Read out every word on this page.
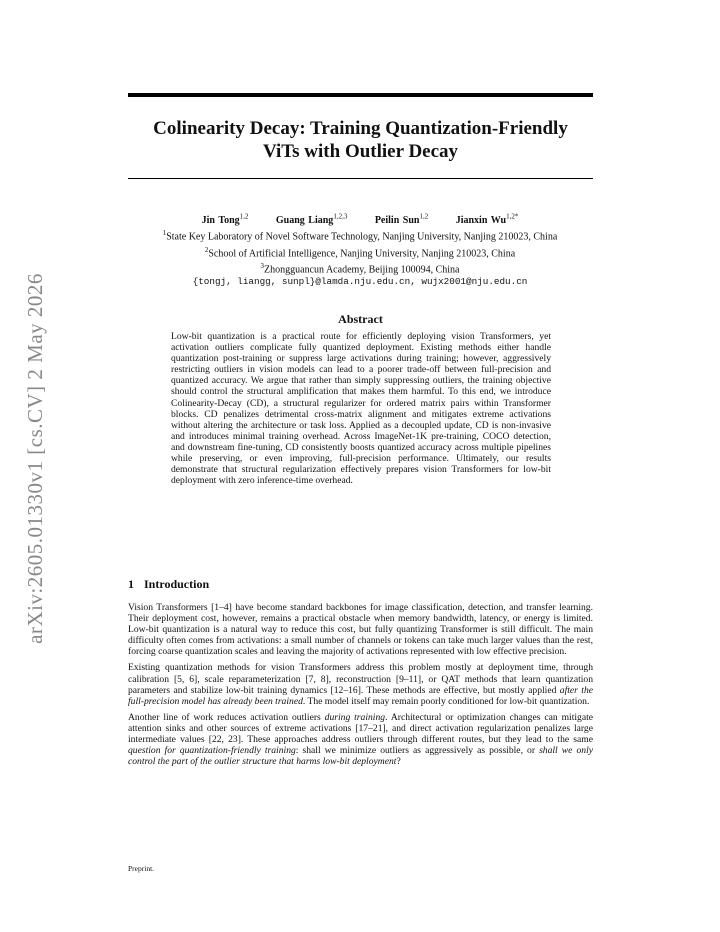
arXiv:2605.01330v1 [cs.CV] 2 May 2026
Colinearity Decay: Training Quantization-Friendly
ViTs with Outlier Decay
Jin Tong$^{1,2}$	Guang Liang$^{1,2,3}$	Peilin Sun$^{1,2}$	Jianxin $Wu^{1,2*}$
$^1$State Key Laboratory of Novel Software Technology, Nanjing University, Nanjing 210023, China
$^2$School of Artificial Intelligence, Nanjing University, Nanjing 210023, China
$^3$Zhongguancun Academy, Beijing 100094, China
{tongj, liangg, sunpl}@lamda.nju.edu.cn, wujx2001@nju.edu.cn
Abstract

Low-bit quantization is a practical route for efficiently deploying vision Transformers, yet activation outliers complicate fully quantized deployment. Existing methods either handle quantization post-training or suppress large activations during training; however, aggressively restricting outliers in vision models can lead to a poorer trade-off between full-precision and quantized accuracy. We argue that rather than simply suppressing outliers, the training objective should control the structural amplification that makes them harmful. To this end, we introduce Colinearity-Decay (CD), a structural regularizer for ordered matrix pairs within Transformer blocks. CD penalizes detrimental cross-matrix alignment and mitigates extreme activations without altering the architecture or task loss. Applied as a decoupled update, CD is non-invasive and introduces minimal training overhead. Across ImageNet-1K pre-training, COCO detection, and downstream fine-tuning, CD consistently boosts quantized accuracy across multiple pipelines while preserving, or even improving, full-precision performance. Ultimately, our results demonstrate that structural regularization effectively prepares vision Transformers for low-bit deployment with zero inference-time overhead.

1 Introduction

Vision Transformers [1–4] have become standard backbones for image classification, detection, and transfer learning. Their deployment cost, however, remains a practical obstacle when memory bandwidth, latency, or energy is limited. Low-bit quantization is a natural way to reduce this cost, but fully quantizing Transformer is still difficult. The main difficulty often comes from activations: a small number of channels or tokens can take much larger values than the rest, forcing coarse quantization scales and leaving the majority of activations represented with low effective precision.

Existing quantization methods for vision Transformers address this problem mostly at deployment time, through calibration [5, 6], scale reparameterization [7, 8], reconstruction [9–11], or QAT methods that learn quantization parameters and stabilize low-bit training dynamics [12–16]. These methods are effective, but mostly applied after the full-precision model has already been trained. The model itself may remain poorly conditioned for low-bit quantization.

Another line of work reduces activation outliers during training. Architectural or optimization changes can mitigate attention sinks and other sources of extreme activations [17–21], and direct activation regularization penalizes large intermediate values [22, 23]. These approaches address outliers through different routes, but they lead to the same question for quantization-friendly training: shall we minimize outliers as aggressively as possible, or shall we only control the part of the outlier structure that harms low-bit deployment?

Preprint.
